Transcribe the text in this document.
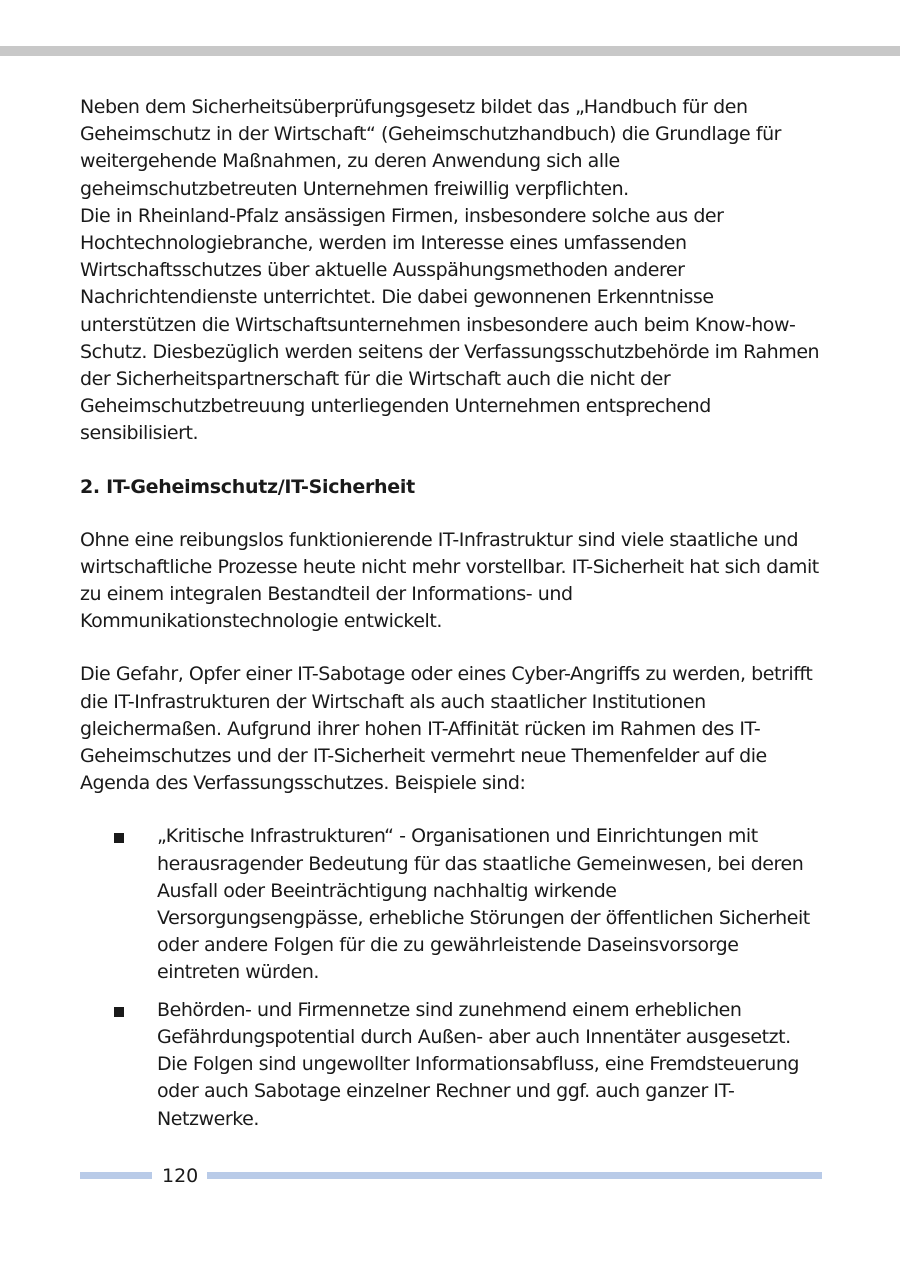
Neben dem Sicherheitsüberprüfungsgesetz bildet das „Handbuch für den Geheimschutz in der Wirtschaft“ (Geheimschutzhandbuch) die Grundlage für weitergehende Maßnahmen, zu deren Anwendung sich alle geheimschutzbetreuten Unternehmen freiwillig verpflichten.

Die in Rheinland-Pfalz ansässigen Firmen, insbesondere solche aus der Hochtechnologiebranche, werden im Interesse eines umfassenden Wirtschaftsschutzes über aktuelle Ausspähungsmethoden anderer Nachrichtendienste unterrichtet. Die dabei gewonnenen Erkenntnisse unterstützen die Wirtschaftsunternehmen insbesondere auch beim Know-how-Schutz. Diesbezüglich werden seitens der Verfassungsschutzbehörde im Rahmen der Sicherheitspartnerschaft für die Wirtschaft auch die nicht der Geheimschutzbetreuung unterliegenden Unternehmen entsprechend sensibilisiert.

2. IT-Geheimschutz/IT-Sicherheit

Ohne eine reibungslos funktionierende IT-Infrastruktur sind viele staatliche und wirtschaftliche Prozesse heute nicht mehr vorstellbar. IT-Sicherheit hat sich damit zu einem integralen Bestandteil der Informations- und Kommunikationstechnologie entwickelt.

Die Gefahr, Opfer einer IT-Sabotage oder eines Cyber-Angriffs zu werden, betrifft die IT-Infrastrukturen der Wirtschaft als auch staatlicher Institutionen gleichermaßen. Aufgrund ihrer hohen IT-Affinität rücken im Rahmen des IT-Geheimschutzes und der IT-Sicherheit vermehrt neue Themenfelder auf die Agenda des Verfassungsschutzes. Beispiele sind:

„Kritische Infrastrukturen“ - Organisationen und Einrichtungen mit herausragender Bedeutung für das staatliche Gemeinwesen, bei deren Ausfall oder Beeinträchtigung nachhaltig wirkende Versorgungsengpässe, erhebliche Störungen der öffentlichen Sicherheit oder andere Folgen für die zu gewährleistende Daseinsvorsorge eintreten würden.
Behörden- und Firmennetze sind zunehmend einem erheblichen Gefährdungspotential durch Außen- aber auch Innentäter ausgesetzt. Die Folgen sind ungewollter Informationsabfluss, eine Fremdsteuerung oder auch Sabotage einzelner Rechner und ggf. auch ganzer IT-Netzwerke.
120
